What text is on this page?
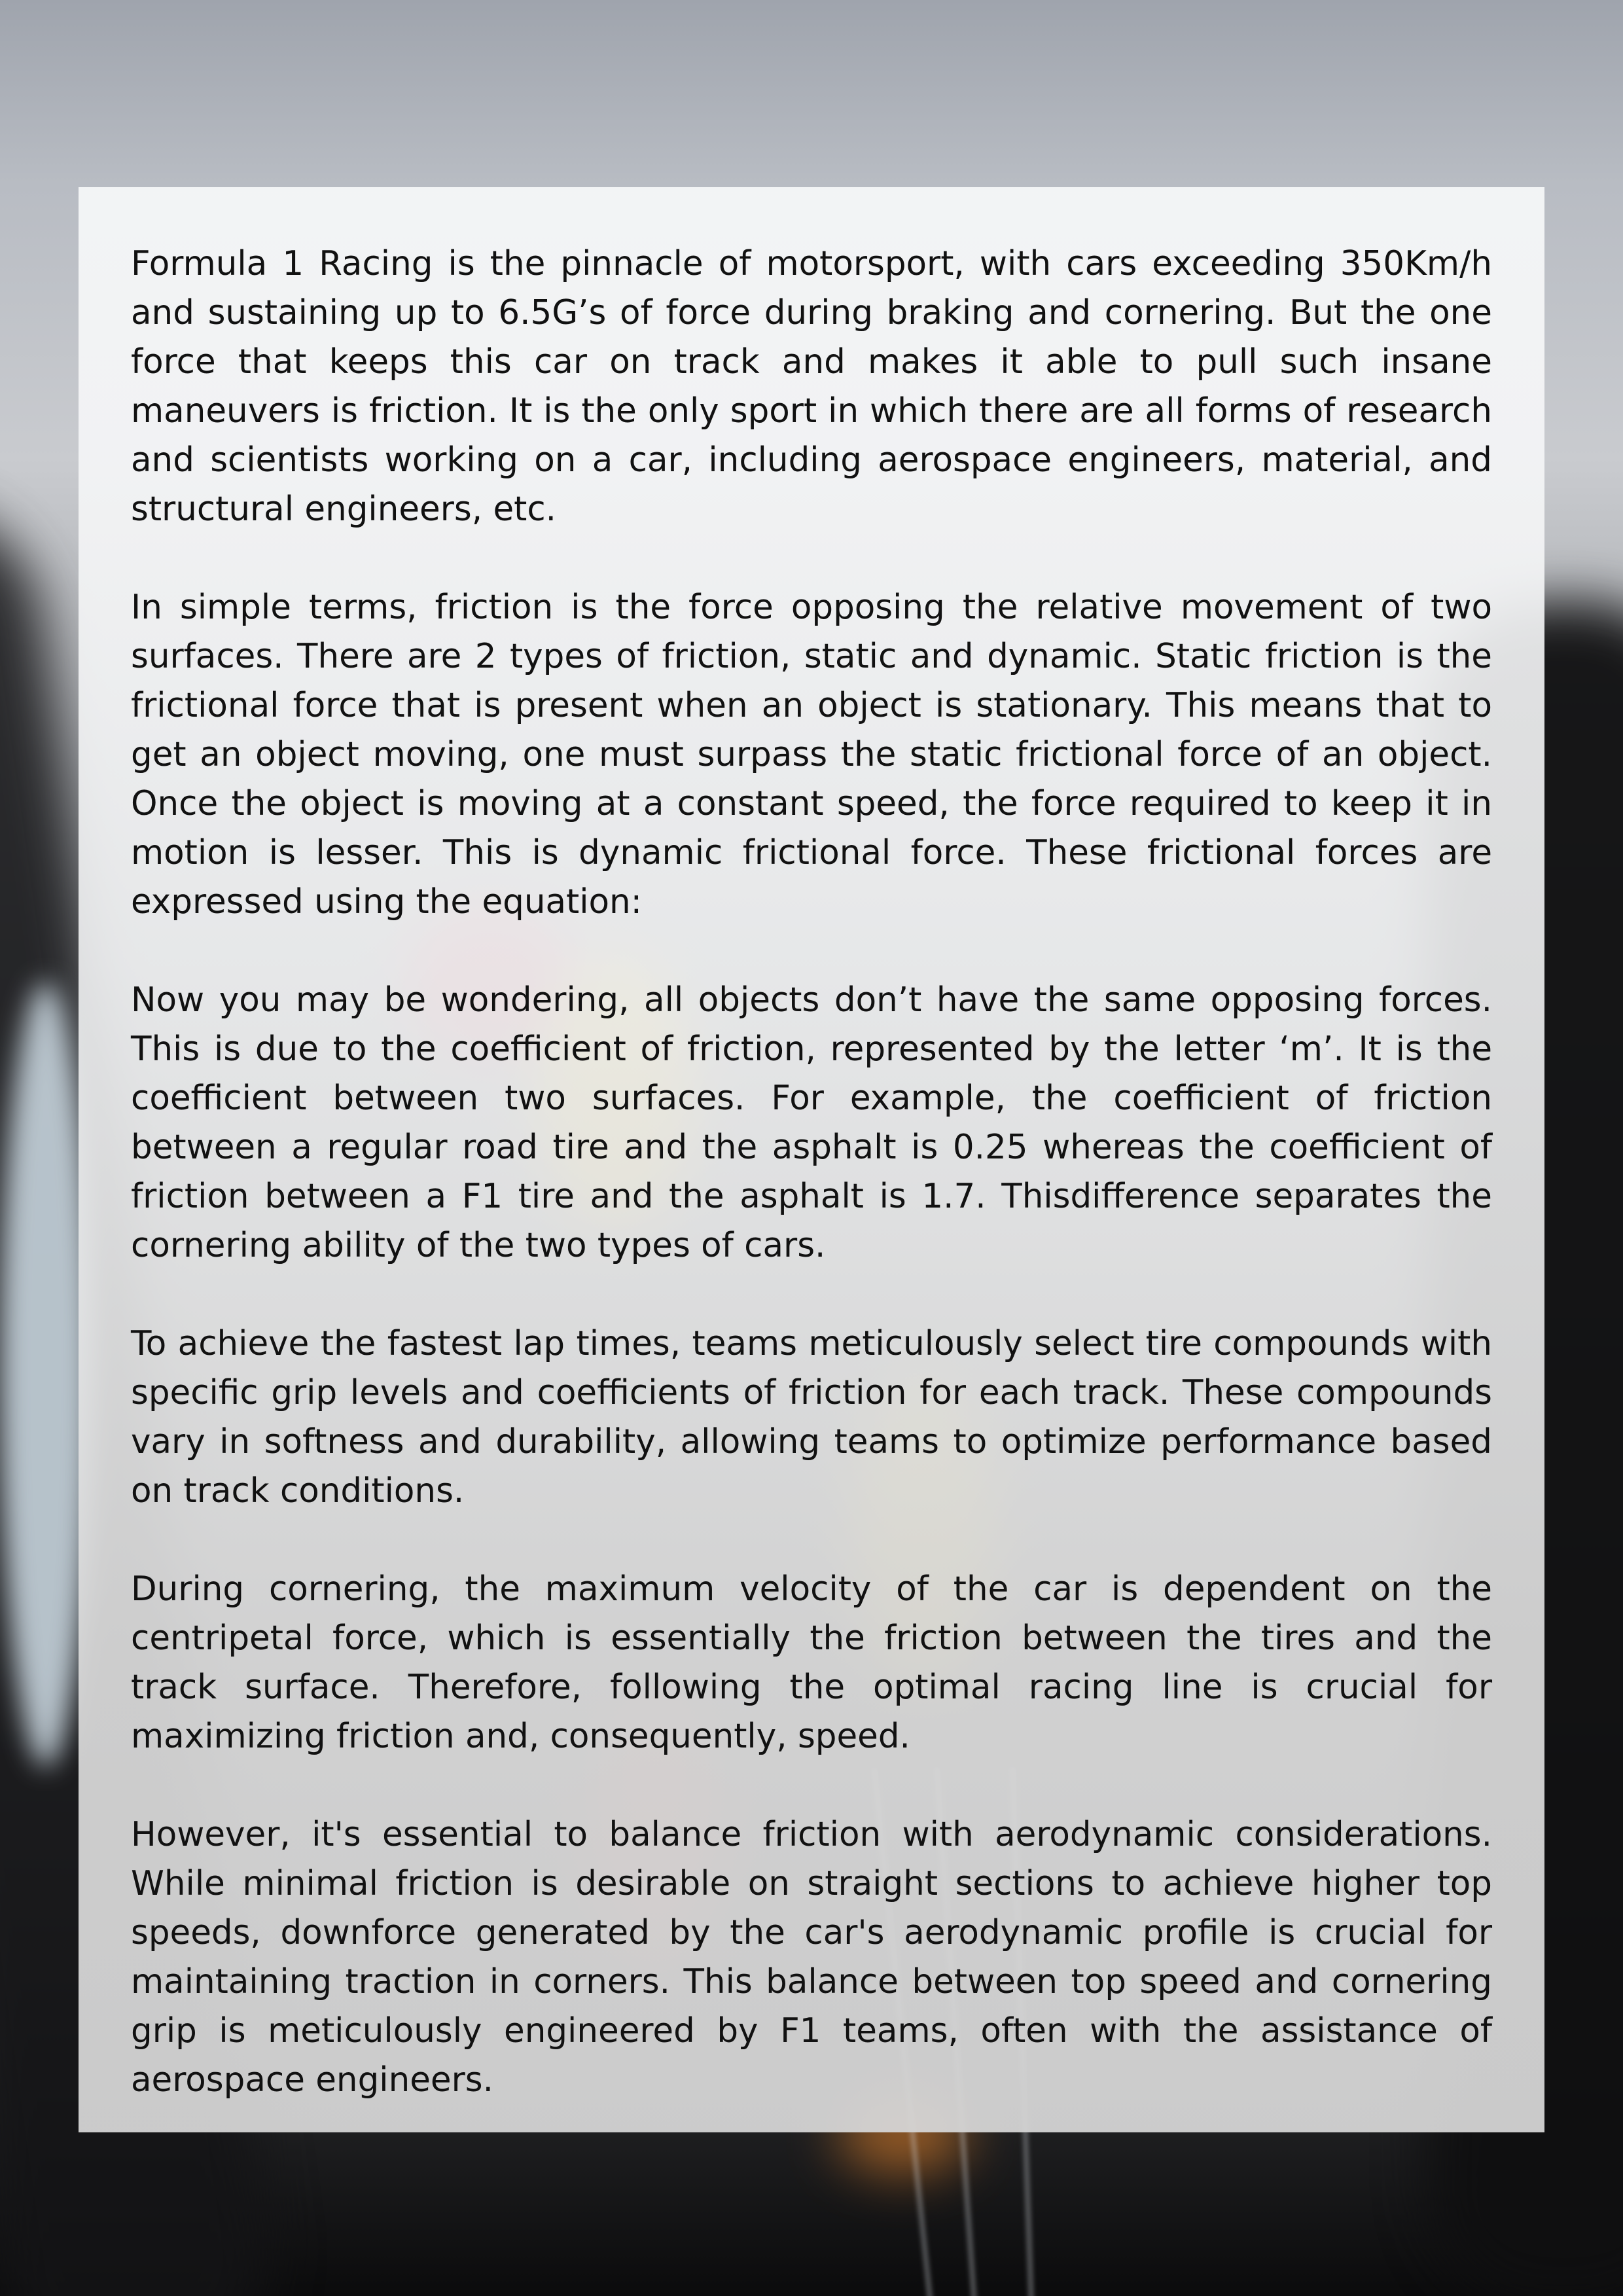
Formula 1 Racing is the pinnacle of motorsport, with cars exceeding 350Km/h and sustaining up to 6.5G’s of force during braking and cornering. But the one force that keeps this car on track and makes it able to pull such insane maneuvers is friction. It is the only sport in which there are all forms of research and scientists working on a car, including aerospace engineers, material, and structural engineers, etc.

In simple terms, friction is the force opposing the relative movement of two surfaces. There are 2 types of friction, static and dynamic. Static friction is the frictional force that is present when an object is stationary. This means that to get an object moving, one must surpass the static frictional force of an object. Once the object is moving at a constant speed, the force required to keep it in motion is lesser. This is dynamic frictional force. These frictional forces are expressed using the equation:

Now you may be wondering, all objects don’t have the same opposing forces. This is due to the coefficient of friction, represented by the letter ‘m’. It is the coefficient between two surfaces. For example, the coefficient of friction between a regular road tire and the asphalt is 0.25 whereas the coefficient of friction between a F1 tire and the asphalt is 1.7. Thisdifference separates the cornering ability of the two types of cars.

To achieve the fastest lap times, teams meticulously select tire compounds with specific grip levels and coefficients of friction for each track. These compounds vary in softness and durability, allowing teams to optimize performance based on track conditions.

During cornering, the maximum velocity of the car is dependent on the centripetal force, which is essentially the friction between the tires and the track surface. Therefore, following the optimal racing line is crucial for maximizing friction and, consequently, speed.

However, it's essential to balance friction with aerodynamic considerations. While minimal friction is desirable on straight sections to achieve higher top speeds, downforce generated by the car's aerodynamic profile is crucial for maintaining traction in corners. This balance between top speed and cornering grip is meticulously engineered by F1 teams, often with the assistance of aerospace engineers.
